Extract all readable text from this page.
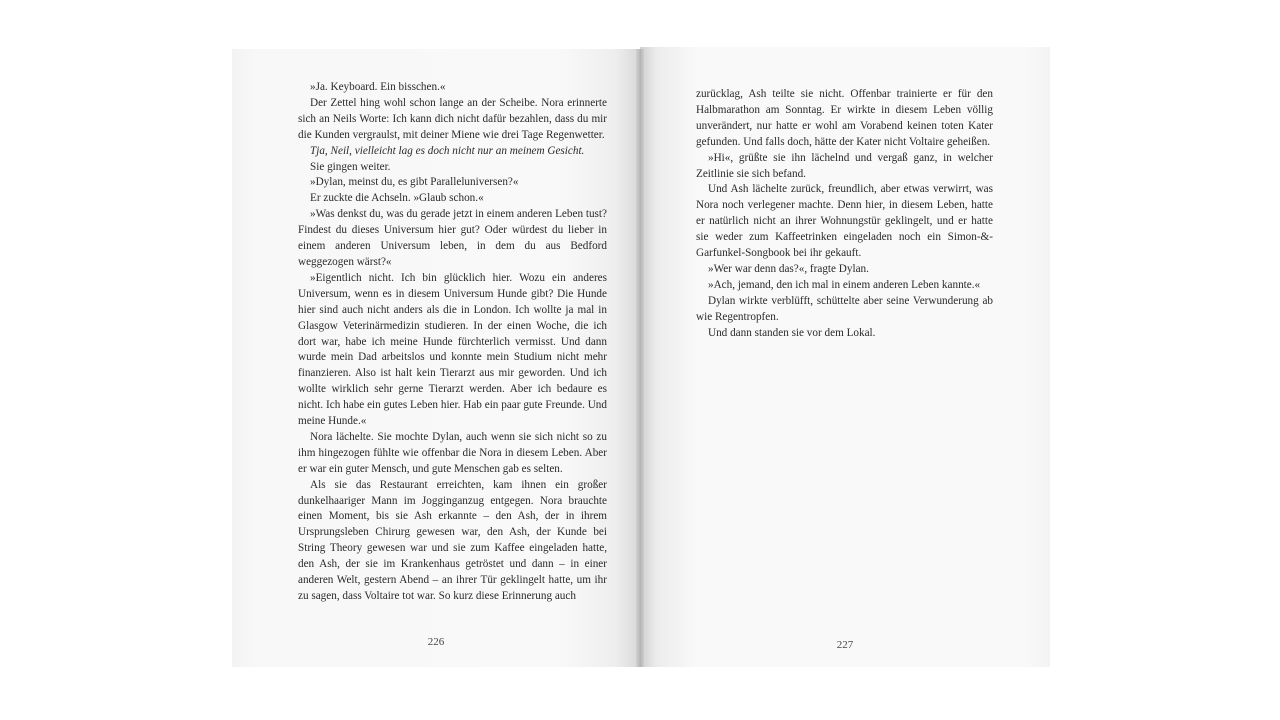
»Ja. Keyboard. Ein bisschen.«

Der Zettel hing wohl schon lange an der Scheibe. Nora erinnerte sich an Neils Worte: Ich kann dich nicht dafür bezahlen, dass du mir die Kunden vergraulst, mit deiner Miene wie drei Tage Regenwetter.

Tja, Neil, vielleicht lag es doch nicht nur an meinem Gesicht.

Sie gingen weiter.

»Dylan, meinst du, es gibt Paralleluniversen?«

Er zuckte die Achseln. »Glaub schon.«

»Was denkst du, was du gerade jetzt in einem anderen Leben tust? Findest du dieses Universum hier gut? Oder würdest du lieber in einem anderen Universum leben, in dem du aus Bedford weggezogen wärst?«

»Eigentlich nicht. Ich bin glücklich hier. Wozu ein anderes Universum, wenn es in diesem Universum Hunde gibt? Die Hunde hier sind auch nicht anders als die in London. Ich wollte ja mal in Glasgow Veterinärmedizin studieren. In der einen Woche, die ich dort war, habe ich meine Hunde fürchterlich vermisst. Und dann wurde mein Dad arbeitslos und konnte mein Studium nicht mehr finanzieren. Also ist halt kein Tierarzt aus mir geworden. Und ich wollte wirklich sehr gerne Tierarzt werden. Aber ich bedaure es nicht. Ich habe ein gutes Leben hier. Hab ein paar gute Freunde. Und meine Hunde.«

Nora lächelte. Sie mochte Dylan, auch wenn sie sich nicht so zu ihm hingezogen fühlte wie offenbar die Nora in diesem Leben. Aber er war ein guter Mensch, und gute Menschen gab es selten.

Als sie das Restaurant erreichten, kam ihnen ein großer dunkelhaariger Mann im Jogginganzug entgegen. Nora brauchte einen Moment, bis sie Ash erkannte – den Ash, der in ihrem Ursprungsleben Chirurg gewesen war, den Ash, der Kunde bei String Theory gewesen war und sie zum Kaffee eingeladen hatte, den Ash, der sie im Krankenhaus getröstet und dann – in einer anderen Welt, gestern Abend – an ihrer Tür geklingelt hatte, um ihr zu sagen, dass Voltaire tot war. So kurz diese Erinnerung auch

226

zurücklag, Ash teilte sie nicht. Offenbar trainierte er für den Halbmarathon am Sonntag. Er wirkte in diesem Leben völlig unverändert, nur hatte er wohl am Vorabend keinen toten Kater gefunden. Und falls doch, hätte der Kater nicht Voltaire geheißen.

»Hi«, grüßte sie ihn lächelnd und vergaß ganz, in welcher Zeitlinie sie sich befand.

Und Ash lächelte zurück, freundlich, aber etwas verwirrt, was Nora noch verlegener machte. Denn hier, in diesem Leben, hatte er natürlich nicht an ihrer Wohnungstür geklingelt, und er hatte sie weder zum Kaffeetrinken eingeladen noch ein Simon-&-Garfunkel-Songbook bei ihr gekauft.

»Wer war denn das?«, fragte Dylan.

»Ach, jemand, den ich mal in einem anderen Leben kannte.«

Dylan wirkte verblüfft, schüttelte aber seine Verwunderung ab wie Regentropfen.

Und dann standen sie vor dem Lokal.

227
